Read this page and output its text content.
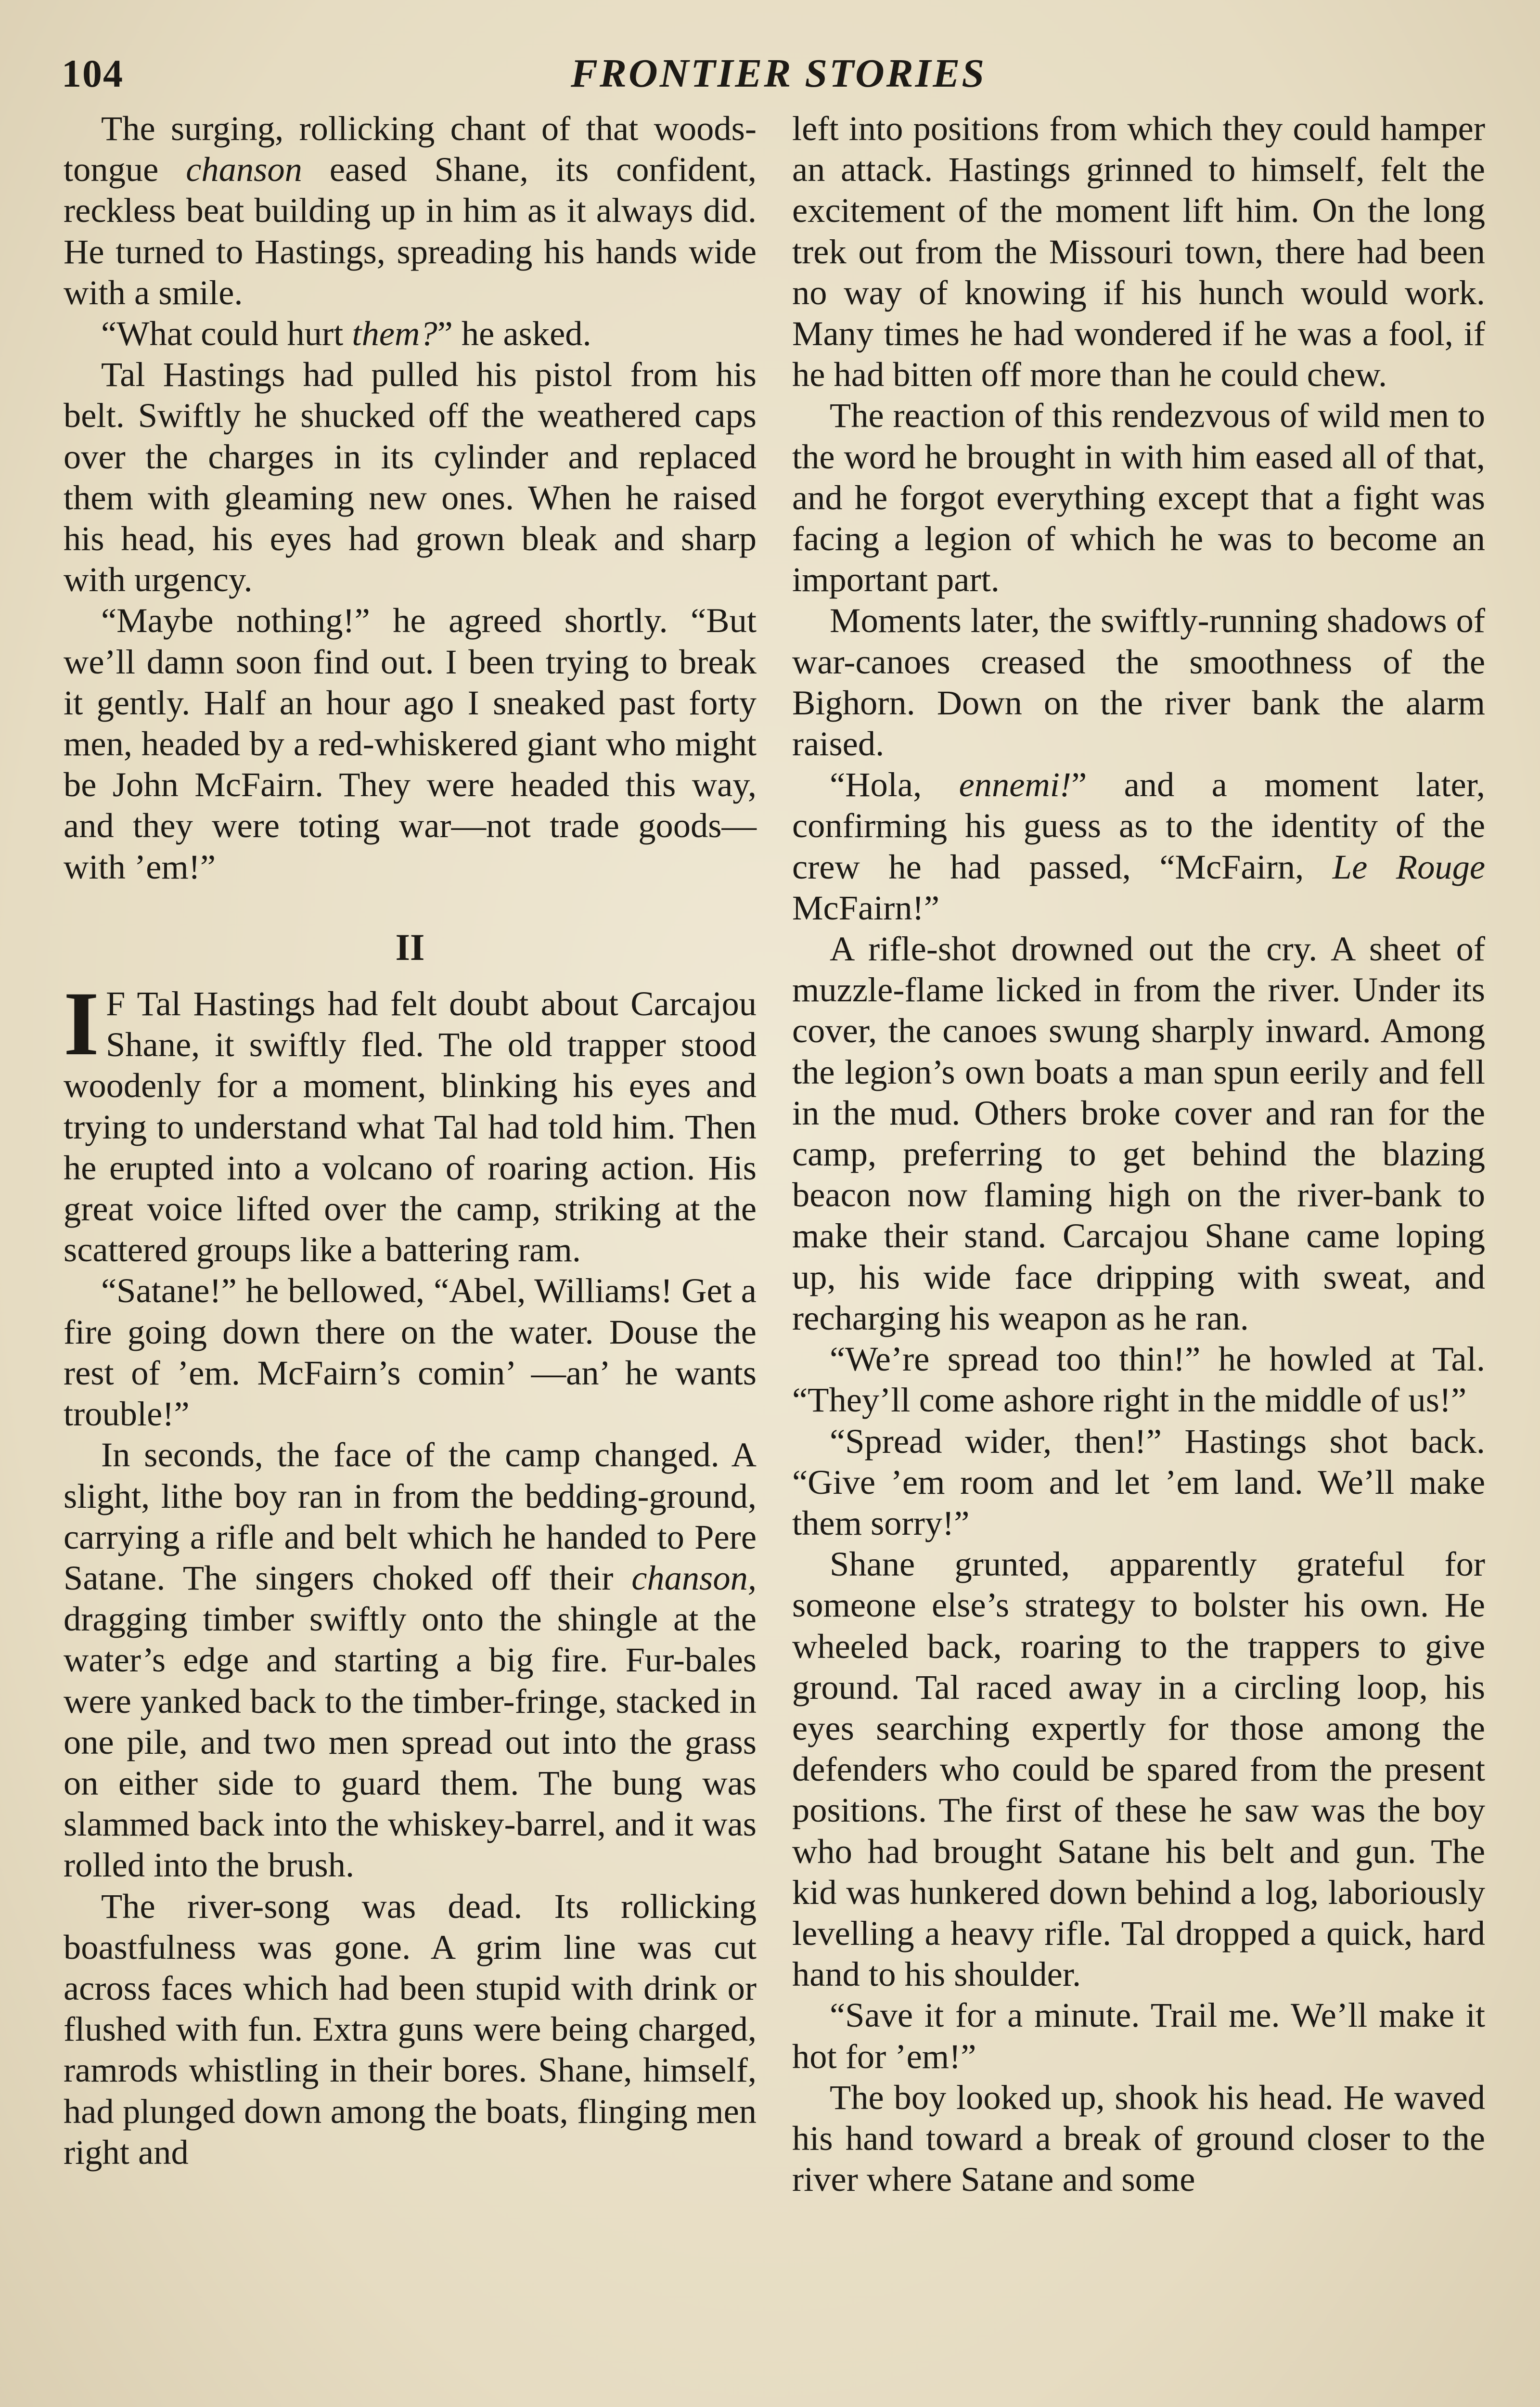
104	FRONTIER STORIES

The surging, rollicking chant of that woods-tongue chanson eased Shane, its confident, reckless beat building up in him as it always did. He turned to Hastings, spreading his hands wide with a smile.

“What could hurt them?” he asked.

Tal Hastings had pulled his pistol from his belt. Swiftly he shucked off the weathered caps over the charges in its cylinder and replaced them with gleaming new ones. When he raised his head, his eyes had grown bleak and sharp with urgency.

“Maybe nothing!” he agreed shortly. “But we’ll damn soon find out. I been trying to break it gently. Half an hour ago I sneaked past forty men, headed by a red-whiskered giant who might be John McFairn. They were headed this way, and they were toting war—not trade goods—with ’em!”

II

I F Tal Hastings had felt doubt about Carcajou Shane, it swiftly fled. The old trapper stood woodenly for a moment, blinking his eyes and trying to understand what Tal had told him. Then he erupted into a volcano of roaring action. His great voice lifted over the camp, striking at the scattered groups like a battering ram.

“Satane!” he bellowed, “Abel, Williams! Get a fire going down there on the water. Douse the rest of ’em. McFairn’s comin’ —an’ he wants trouble!”

In seconds, the face of the camp changed. A slight, lithe boy ran in from the bedding-ground, carrying a rifle and belt which he handed to Pere Satane. The singers choked off their chanson, dragging timber swiftly onto the shingle at the water’s edge and starting a big fire. Fur-bales were yanked back to the timber-fringe, stacked in one pile, and two men spread out into the grass on either side to guard them. The bung was slammed back into the whiskey-barrel, and it was rolled into the brush.

The river-song was dead. Its rollicking boastfulness was gone. A grim line was cut across faces which had been stupid with drink or flushed with fun. Extra guns were being charged, ramrods whistling in their bores. Shane, himself, had plunged down among the boats, flinging men right and

left into positions from which they could hamper an attack. Hastings grinned to himself, felt the excitement of the moment lift him. On the long trek out from the Missouri town, there had been no way of knowing if his hunch would work. Many times he had wondered if he was a fool, if he had bitten off more than he could chew.

The reaction of this rendezvous of wild men to the word he brought in with him eased all of that, and he forgot everything except that a fight was facing a legion of which he was to become an important part.

Moments later, the swiftly-running shadows of war-canoes creased the smoothness of the Bighorn. Down on the river bank the alarm raised.

“Hola, ennemi!” and a moment later, confirming his guess as to the identity of the crew he had passed, “McFairn, Le Rouge McFairn!”

A rifle-shot drowned out the cry. A sheet of muzzle-flame licked in from the river. Under its cover, the canoes swung sharply inward. Among the legion’s own boats a man spun eerily and fell in the mud. Others broke cover and ran for the camp, preferring to get behind the blazing beacon now flaming high on the river-bank to make their stand. Carcajou Shane came loping up, his wide face dripping with sweat, and recharging his weapon as he ran.

“We’re spread too thin!” he howled at Tal. “They’ll come ashore right in the middle of us!”

“Spread wider, then!” Hastings shot back. “Give ’em room and let ’em land. We’ll make them sorry!”

Shane grunted, apparently grateful for someone else’s strategy to bolster his own. He wheeled back, roaring to the trappers to give ground. Tal raced away in a circling loop, his eyes searching expertly for those among the defenders who could be spared from the present positions. The first of these he saw was the boy who had brought Satane his belt and gun. The kid was hunkered down behind a log, laboriously levelling a heavy rifle. Tal dropped a quick, hard hand to his shoulder.

“Save it for a minute. Trail me. We’ll make it hot for ’em!”

The boy looked up, shook his head. He waved his hand toward a break of ground closer to the river where Satane and some
